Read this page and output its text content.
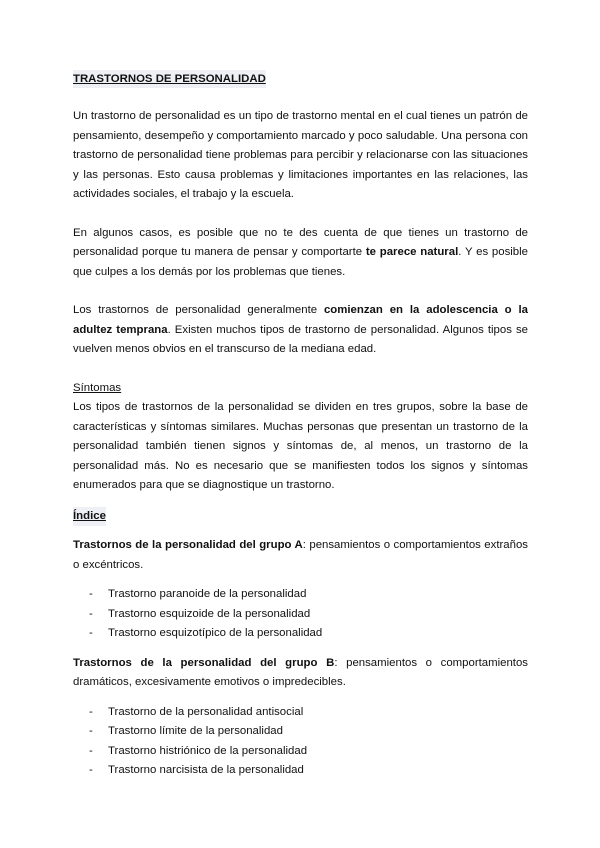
TRASTORNOS DE PERSONALIDAD

Un trastorno de personalidad es un tipo de trastorno mental en el cual tienes un patrón de pensamiento, desempeño y comportamiento marcado y poco saludable. Una persona con trastorno de personalidad tiene problemas para percibir y relacionarse con las situaciones y las personas. Esto causa problemas y limitaciones importantes en las relaciones, las actividades sociales, el trabajo y la escuela.

En algunos casos, es posible que no te des cuenta de que tienes un trastorno de personalidad porque tu manera de pensar y comportarte te parece natural. Y es posible que culpes a los demás por los problemas que tienes.

Los trastornos de personalidad generalmente comienzan en la adolescencia o la adultez temprana. Existen muchos tipos de trastorno de personalidad. Algunos tipos se vuelven menos obvios en el transcurso de la mediana edad.

Síntomas

Los tipos de trastornos de la personalidad se dividen en tres grupos, sobre la base de características y síntomas similares. Muchas personas que presentan un trastorno de la personalidad también tienen signos y síntomas de, al menos, un trastorno de la personalidad más. No es necesario que se manifiesten todos los signos y síntomas enumerados para que se diagnostique un trastorno.

Índice

Trastornos de la personalidad del grupo A: pensamientos o comportamientos extraños o excéntricos.

- Trastorno paranoide de la personalidad
- Trastorno esquizoide de la personalidad
- Trastorno esquizotípico de la personalidad

Trastornos de la personalidad del grupo B: pensamientos o comportamientos dramáticos, excesivamente emotivos o impredecibles.

- Trastorno de la personalidad antisocial
- Trastorno límite de la personalidad
- Trastorno histriónico de la personalidad
- Trastorno narcisista de la personalidad
